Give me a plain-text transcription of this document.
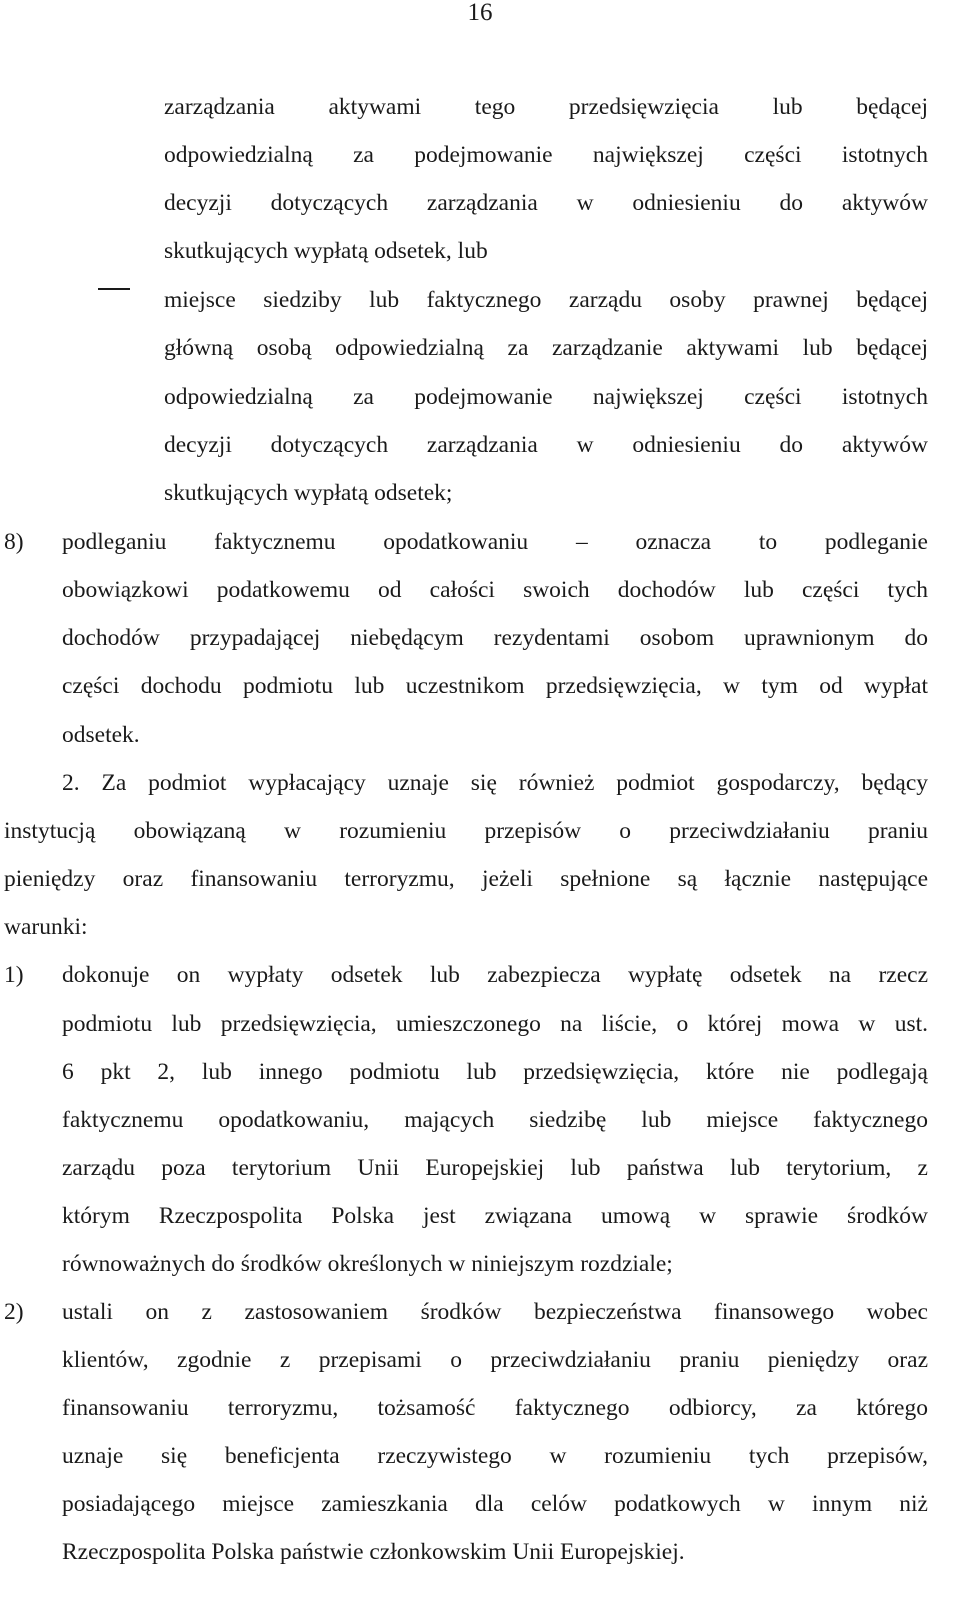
16
zarządzania aktywami tego przedsięwzięcia lub będącej
odpowiedzialną za podejmowanie największej części istotnych
decyzji dotyczących zarządzania w odniesieniu do aktywów
skutkujących wypłatą odsetek, lub
miejsce siedziby lub faktycznego zarządu osoby prawnej będącej
główną osobą odpowiedzialną za zarządzanie aktywami lub będącej
odpowiedzialną za podejmowanie największej części istotnych
decyzji dotyczących zarządzania w odniesieniu do aktywów
skutkujących wypłatą odsetek;
8) podleganiu faktycznemu opodatkowaniu – oznacza to podleganie
obowiązkowi podatkowemu od całości swoich dochodów lub części tych
dochodów przypadającej niebędącym rezydentami osobom uprawnionym do
części dochodu podmiotu lub uczestnikom przedsięwzięcia, w tym od wypłat
odsetek.
2. Za podmiot wypłacający uznaje się również podmiot gospodarczy, będący
instytucją obowiązaną w rozumieniu przepisów o przeciwdziałaniu praniu
pieniędzy oraz finansowaniu terroryzmu, jeżeli spełnione są łącznie następujące
warunki:
1) dokonuje on wypłaty odsetek lub zabezpiecza wypłatę odsetek na rzecz
podmiotu lub przedsięwzięcia, umieszczonego na liście, o której mowa w ust.
6 pkt 2, lub innego podmiotu lub przedsięwzięcia, które nie podlegają
faktycznemu opodatkowaniu, mających siedzibę lub miejsce faktycznego
zarządu poza terytorium Unii Europejskiej lub państwa lub terytorium, z
którym Rzeczpospolita Polska jest związana umową w sprawie środków
równoważnych do środków określonych w niniejszym rozdziale;
2) ustali on z zastosowaniem środków bezpieczeństwa finansowego wobec
klientów, zgodnie z przepisami o przeciwdziałaniu praniu pieniędzy oraz
finansowaniu terroryzmu, tożsamość faktycznego odbiorcy, za którego
uznaje się beneficjenta rzeczywistego w rozumieniu tych przepisów,
posiadającego miejsce zamieszkania dla celów podatkowych w innym niż
Rzeczpospolita Polska państwie członkowskim Unii Europejskiej.
